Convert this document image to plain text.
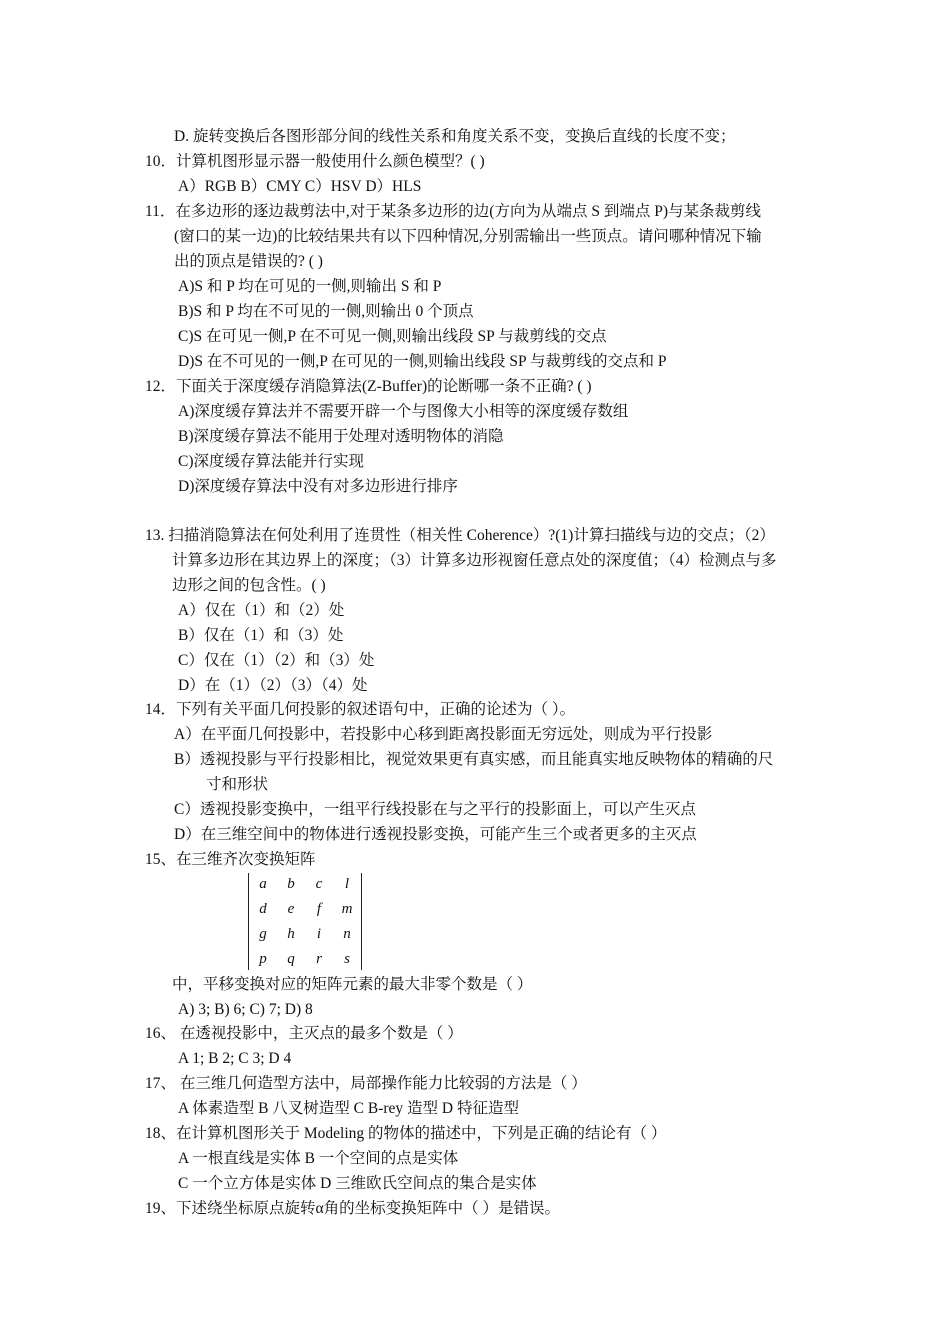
D. 旋转变换后各图形部分间的线性关系和角度关系不变，变换后直线的长度不变；
10．计算机图形显示器一般使用什么颜色模型？( )
A）RGB B）CMY C）HSV D）HLS
11．在多边形的逐边裁剪法中,对于某条多边形的边(方向为从端点 S 到端点 P)与某条裁剪线
(窗口的某一边)的比较结果共有以下四种情况,分别需输出一些顶点。请问哪种情况下输
出的顶点是错误的? ( )
A)S 和 P 均在可见的一侧,则输出 S 和 P
B)S 和 P 均在不可见的一侧,则输出 0 个顶点
C)S 在可见一侧,P 在不可见一侧,则输出线段 SP 与裁剪线的交点
D)S 在不可见的一侧,P 在可见的一侧,则输出线段 SP 与裁剪线的交点和 P
12．下面关于深度缓存消隐算法(Z-Buffer)的论断哪一条不正确? ( )
A)深度缓存算法并不需要开辟一个与图像大小相等的深度缓存数组
B)深度缓存算法不能用于处理对透明物体的消隐
C)深度缓存算法能并行实现
D)深度缓存算法中没有对多边形进行排序
13. 扫描消隐算法在何处利用了连贯性（相关性 Coherence）?(1)计算扫描线与边的交点；（2）
计算多边形在其边界上的深度；（3）计算多边形视窗任意点处的深度值；（4）检测点与多
边形之间的包含性。( )
A）仅在（1）和（2）处
B）仅在（1）和（3）处
C）仅在（1）（2）和（3）处
D）在（1）（2）（3）（4）处
14．下列有关平面几何投影的叙述语句中，正确的论述为（ ）。
A）在平面几何投影中，若投影中心移到距离投影面无穷远处，则成为平行投影
B）透视投影与平行投影相比，视觉效果更有真实感，而且能真实地反映物体的精确的尺
寸和形状
C）透视投影变换中，一组平行线投影在与之平行的投影面上，可以产生灭点
D）在三维空间中的物体进行透视投影变换，可能产生三个或者更多的主灭点
15、在三维齐次变换矩阵
a	b	c	l
d	e	f	m
g	h	i	n
p	q	r	s
中，平移变换对应的矩阵元素的最大非零个数是（ ）
A) 3; B) 6; C) 7; D) 8
16、 在透视投影中，主灭点的最多个数是（ ）
A 1; B 2; C 3; D 4
17、 在三维几何造型方法中，局部操作能力比较弱的方法是（ ）
A 体素造型 B 八叉树造型 C B-rey 造型 D 特征造型
18、在计算机图形关于 Modeling 的物体的描述中，下列是正确的结论有（ ）
A 一根直线是实体 B 一个空间的点是实体
C 一个立方体是实体 D 三维欧氏空间点的集合是实体
19、下述绕坐标原点旋转α角的坐标变换矩阵中（ ）是错误。
